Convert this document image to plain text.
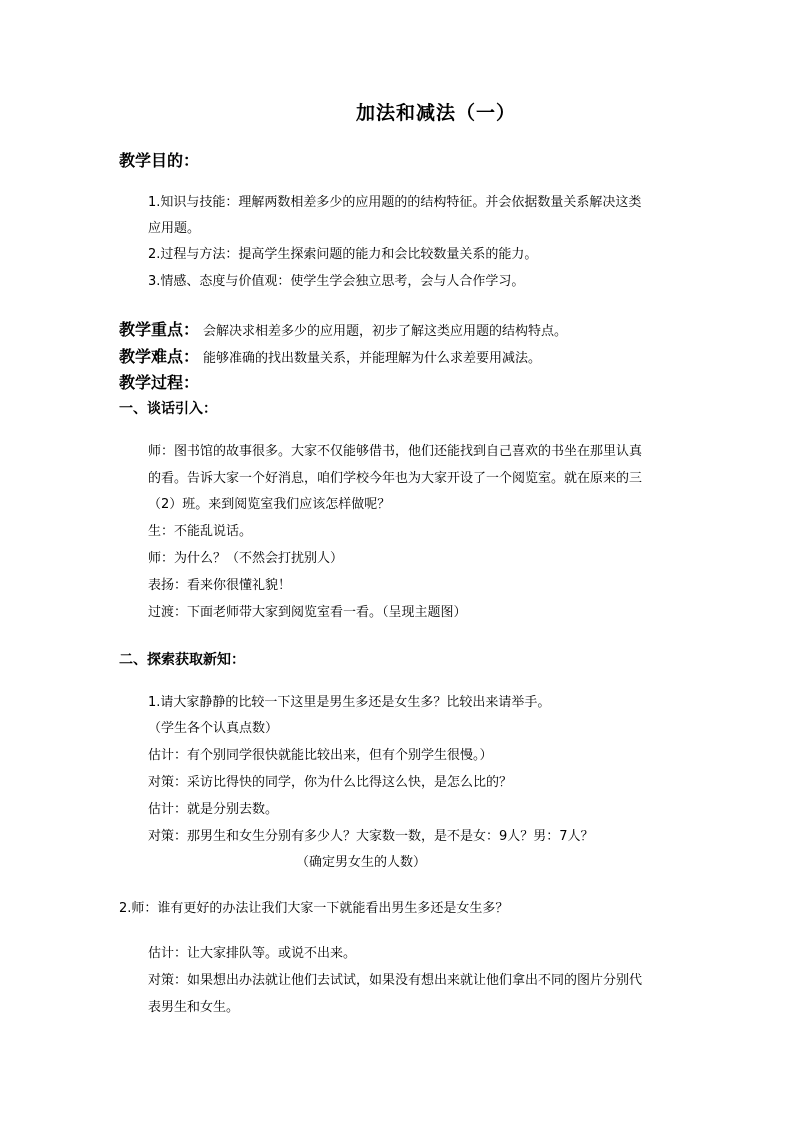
加法和减法（一）
教学目的：
1.知识与技能：理解两数相差多少的应用题的的结构特征。并会依据数量关系解决这类
应用题。
2.过程与方法：提高学生探索问题的能力和会比较数量关系的能力。
3.情感、态度与价值观：使学生学会独立思考，会与人合作学习。
教学重点： 会解决求相差多少的应用题，初步了解这类应用题的结构特点。
教学难点： 能够准确的找出数量关系，并能理解为什么求差要用减法。
教学过程：
一、谈话引入：
师：图书馆的故事很多。大家不仅能够借书，他们还能找到自己喜欢的书坐在那里认真
的看。告诉大家一个好消息，咱们学校今年也为大家开设了一个阅览室。就在原来的三
（2）班。来到阅览室我们应该怎样做呢？
生：不能乱说话。
师：为什么？（不然会打扰别人）
表扬：看来你很懂礼貌！
过渡：下面老师带大家到阅览室看一看。（呈现主题图）
二、探索获取新知：
1.请大家静静的比较一下这里是男生多还是女生多？比较出来请举手。
（学生各个认真点数）
估计：有个别同学很快就能比较出来，但有个别学生很慢。）
对策：采访比得快的同学，你为什么比得这么快，是怎么比的？
估计：就是分别去数。
对策：那男生和女生分别有多少人？大家数一数，是不是女：9人？男：7人？
（确定男女生的人数）
2.师：谁有更好的办法让我们大家一下就能看出男生多还是女生多？
估计：让大家排队等。或说不出来。
对策：如果想出办法就让他们去试试，如果没有想出来就让他们拿出不同的图片分别代
表男生和女生。
